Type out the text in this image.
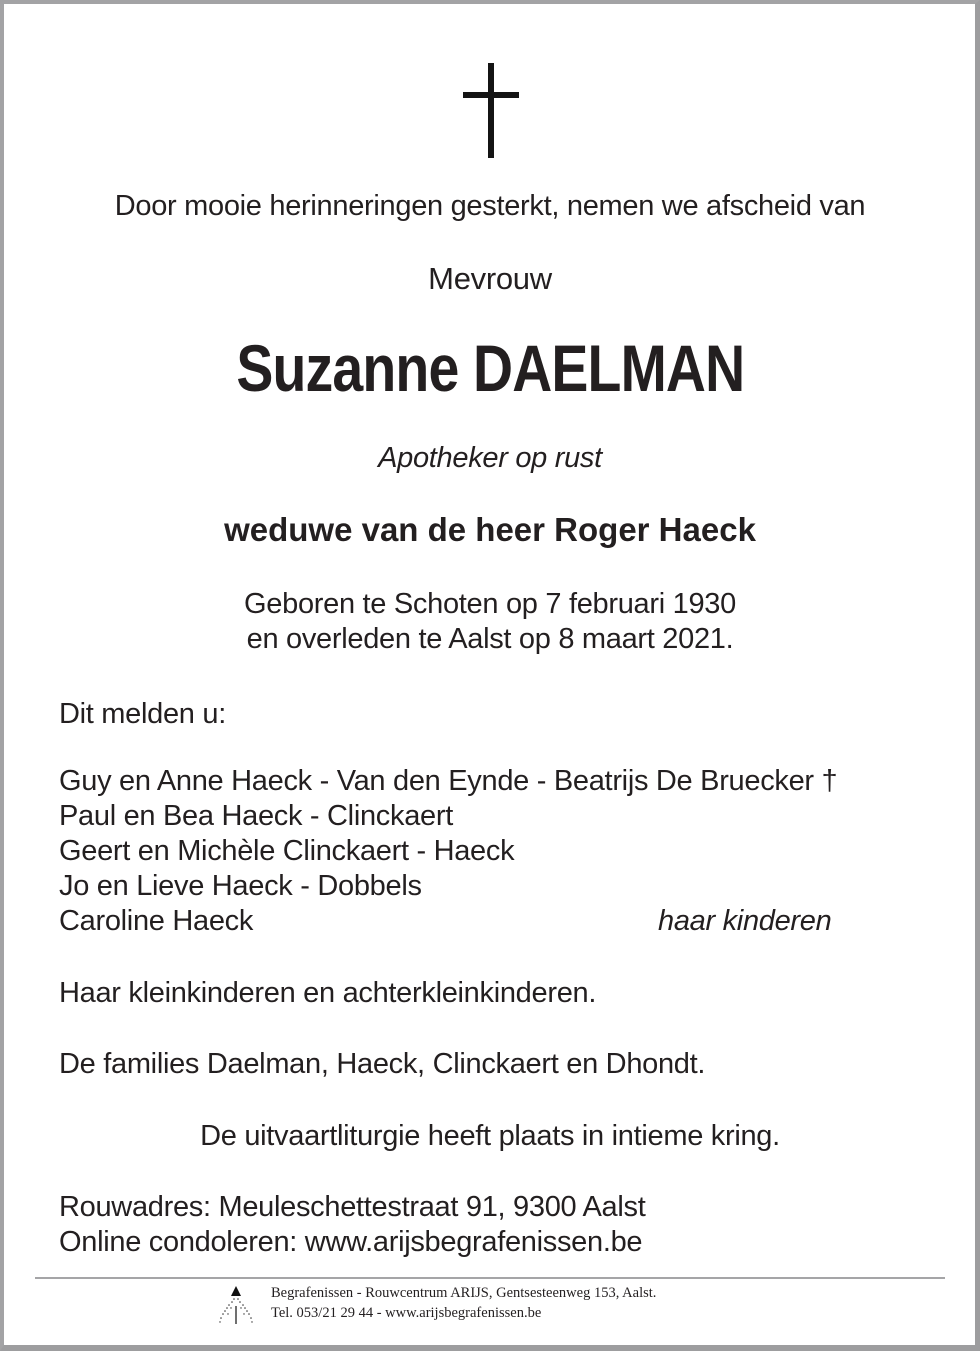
Door mooie herinneringen gesterkt, nemen we afscheid van
Mevrouw
Suzanne DAELMAN
Apotheker op rust
weduwe van de heer Roger Haeck
Geboren te Schoten op 7 februari 1930
en overleden te Aalst op 8 maart 2021.
Dit melden u:
Guy en Anne Haeck - Van den Eynde - Beatrijs De Bruecker †
Paul en Bea Haeck - Clinckaert
Geert en Michèle Clinckaert - Haeck
Jo en Lieve Haeck - Dobbels
Caroline Haeck	haar kinderen
Haar kleinkinderen en achterkleinkinderen.
De families Daelman, Haeck, Clinckaert en Dhondt.
De uitvaartliturgie heeft plaats in intieme kring.
Rouwadres: Meuleschettestraat 91, 9300 Aalst
Online condoleren: www.arijsbegrafenissen.be
Begrafenissen - Rouwcentrum ARIJS, Gentsesteenweg 153, Aalst.
Tel. 053/21 29 44 - www.arijsbegrafenissen.be
